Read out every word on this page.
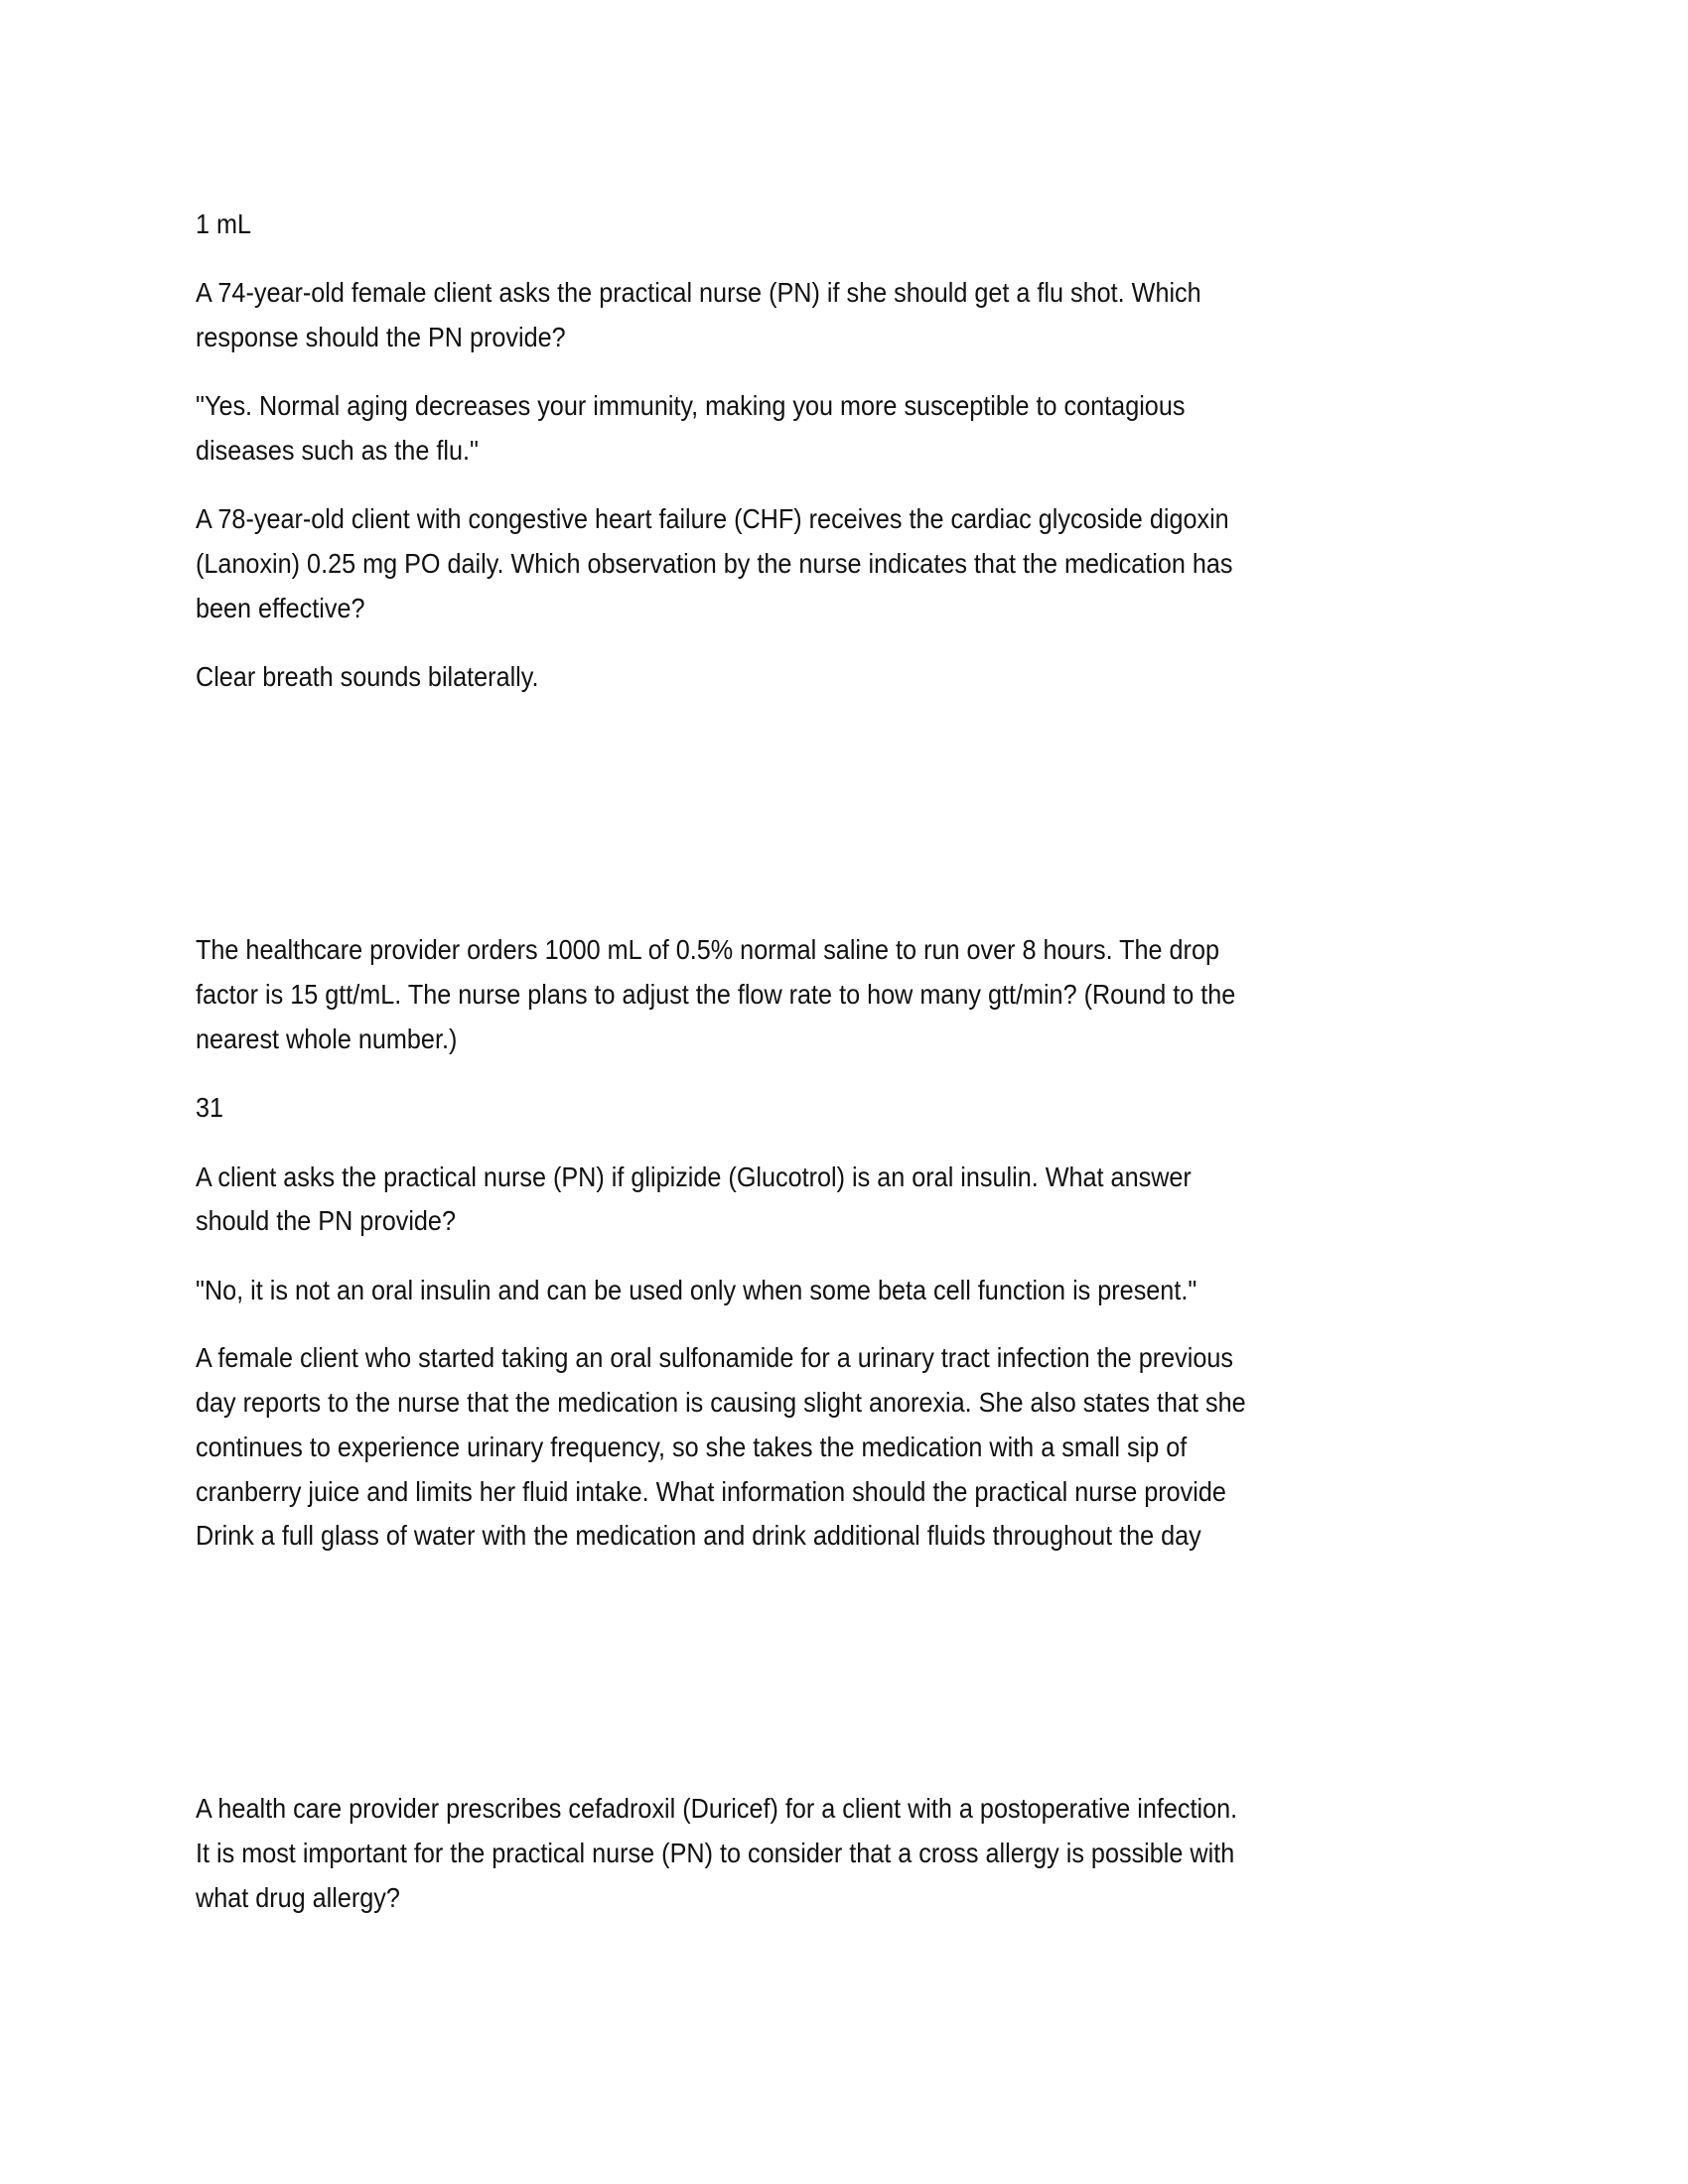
1 mL
A 74-year-old female client asks the practical nurse (PN) if she should get a flu shot. Which
response should the PN provide?
"Yes. Normal aging decreases your immunity, making you more susceptible to contagious
diseases such as the flu."
A 78-year-old client with congestive heart failure (CHF) receives the cardiac glycoside digoxin
(Lanoxin) 0.25 mg PO daily. Which observation by the nurse indicates that the medication has
been effective?
Clear breath sounds bilaterally.
The healthcare provider orders 1000 mL of 0.5% normal saline to run over 8 hours. The drop
factor is 15 gtt/mL. The nurse plans to adjust the flow rate to how many gtt/min? (Round to the
nearest whole number.)
31
A client asks the practical nurse (PN) if glipizide (Glucotrol) is an oral insulin. What answer
should the PN provide?
"No, it is not an oral insulin and can be used only when some beta cell function is present."
A female client who started taking an oral sulfonamide for a urinary tract infection the previous
day reports to the nurse that the medication is causing slight anorexia. She also states that she
continues to experience urinary frequency, so she takes the medication with a small sip of
cranberry juice and limits her fluid intake. What information should the practical nurse provide
Drink a full glass of water with the medication and drink additional fluids throughout the day
A health care provider prescribes cefadroxil (Duricef) for a client with a postoperative infection.
It is most important for the practical nurse (PN) to consider that a cross allergy is possible with
what drug allergy?
